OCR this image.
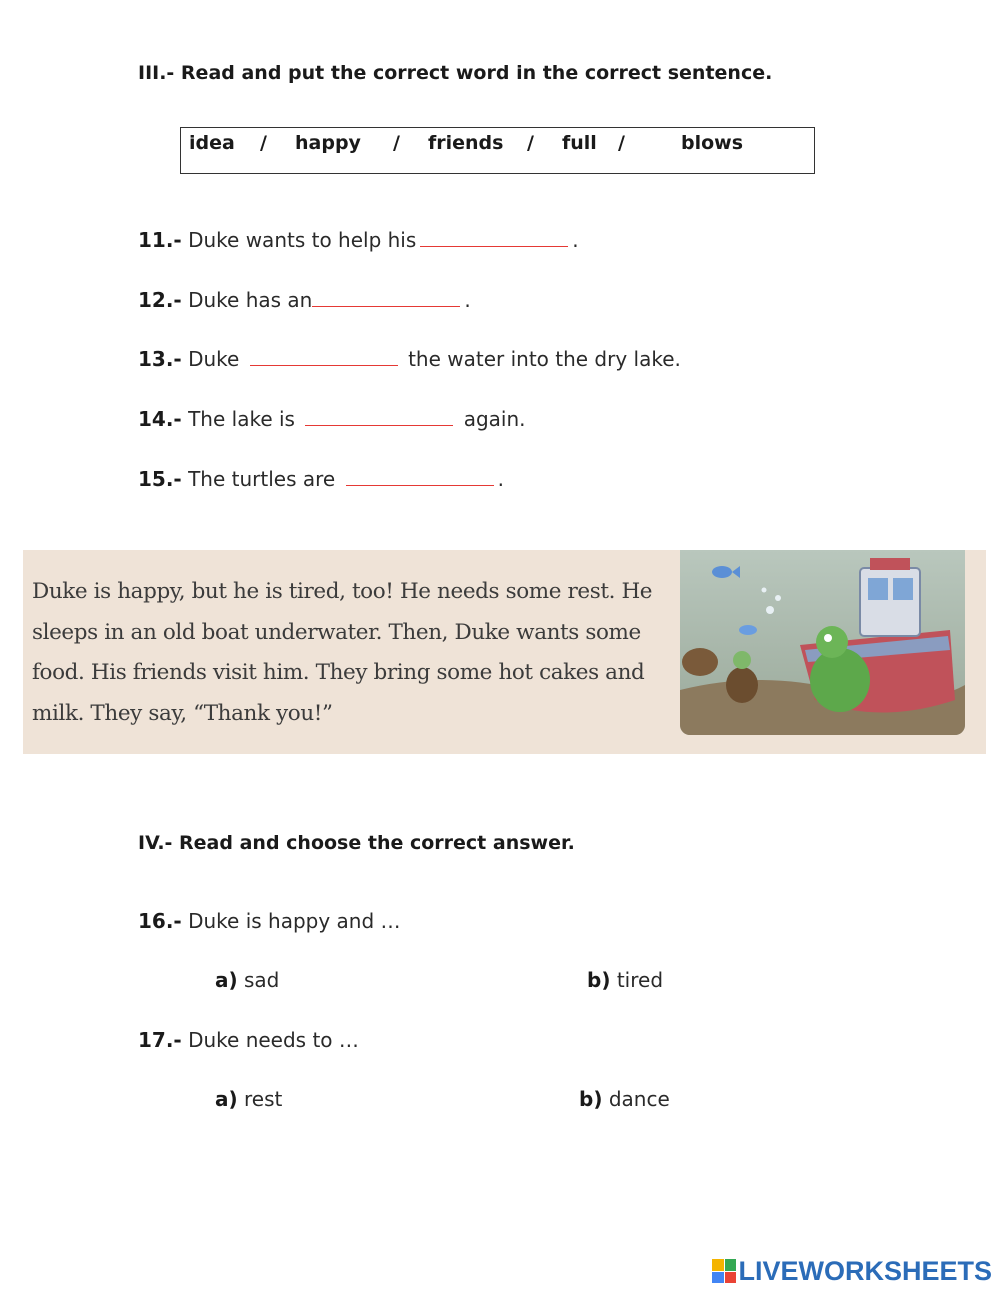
III.- Read and put the correct word in the correct sentence.
idea / happy / friends / full /	blows
11.- Duke wants to help his	.
12.- Duke has an	.
13.- Duke	the water into the dry lake.
14.- The lake is	again.
15.- The turtles are	.
Duke is happy, but he is tired, too! He needs some rest. He
sleeps in an old boat underwater. Then, Duke wants some
food. His friends visit him. They bring some hot cakes and
milk. They say, “Thank you!”
IV.- Read and choose the correct answer.
16.- Duke is happy and …
a) sad	b) tired
17.- Duke needs to …
a) rest	b) dance
LIVEWORKSHEETS
